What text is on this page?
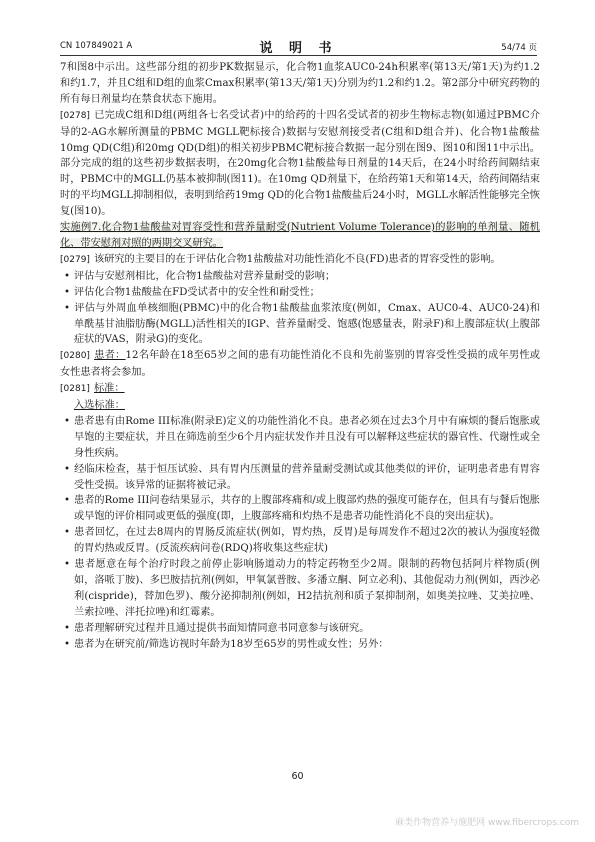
CN 107849021 A	说 明 书	54/74 页

7和图8中示出。这些部分组的初步PK数据显示，化合物1血浆AUC0-24h积累率(第13天/第1天)为约1.2和约1.7，并且C组和D组的血浆Cmax积累率(第13天/第1天)分别为约1.2和约1.2。第2部分中研究药物的所有每日剂量均在禁食状态下施用。

[0278] 已完成C组和D组(两组各七名受试者)中的给药的十四名受试者的初步生物标志物(如通过PBMC介导的2-AG水解所测量的PBMC MGLL靶标接合)数据与安慰剂接受者(C组和D组合并)、化合物1盐酸盐10mg QD(C组)和20mg QD(D组)的相关初步PBMC靶标接合数据一起分别在图9、图10和图11中示出。部分完成的组的这些初步数据表明，在20mg化合物1盐酸盐每日剂量的14天后，在24小时给药间隔结束时，PBMC中的MGLL仍基本被抑制(图11)。在10mg QD剂量下，在给药第1天和第14天，给药间隔结束时的平均MGLL抑制相似，表明到给药19mg QD的化合物1盐酸盐后24小时，MGLL水解活性能够完全恢复(图10)。

实施例7.化合物1盐酸盐对胃容受性和营养量耐受(Nutrient Volume Tolerance)的影响的单剂量、随机化、带安慰剂对照的两期交叉研究。

[0279] 该研究的主要目的在于评估化合物1盐酸盐对功能性消化不良(FD)患者的胃容受性的影响。

• 评估与安慰剂相比，化合物1盐酸盐对营养量耐受的影响；

• 评估化合物1盐酸盐在FD受试者中的安全性和耐受性；

• 评估与外周血单核细胞(PBMC)中的化合物1盐酸盐血浆浓度(例如，Cmax、AUC0-4、AUC0-24)和单酰基甘油脂肪酶(MGLL)活性相关的IGP、营养量耐受、饱感(饱感量表，附录F)和上腹部症状(上腹部症状的VAS，附录G)的变化。

[0280] 患者：12名年龄在18至65岁之间的患有功能性消化不良和先前鉴别的胃容受性受损的成年男性或女性患者将会参加。

[0281] 标准：

入选标准：

• 患者患有由Rome III标准(附录E)定义的功能性消化不良。患者必须在过去3个月中有麻烦的餐后饱胀或早饱的主要症状，并且在筛选前至少6个月内症状发作并且没有可以解释这些症状的器官性、代谢性或全身性疾病。

• 经临床检查，基于恒压试验、具有胃内压测量的营养量耐受测试或其他类似的评价，证明患者患有胃容受性受损。该异常的证据将被记录。

• 患者的Rome III问卷结果显示，共存的上腹部疼痛和/或上腹部灼热的强度可能存在，但具有与餐后饱胀或早饱的评价相同或更低的强度(即，上腹部疼痛和灼热不是患者功能性消化不良的突出症状)。

• 患者回忆，在过去8周内的胃肠反流症状(例如，胃灼热，反胃)是每周发作不超过2次的被认为强度轻微的胃灼热或反胃。(反流疾病问卷(RDQ)将收集这些症状)

• 患者愿意在每个治疗时段之前停止影响肠道动力的特定药物至少2周。限制的药物包括阿片样物质(例如，洛哌丁胺)、多巴胺拮抗剂(例如，甲氧氯普胺、多潘立酮、阿立必利)、其他促动力剂(例如，西沙必利(cispride)，替加色罗)、酸分泌抑制剂(例如，H2拮抗剂和质子泵抑制剂，如奥美拉唑、艾美拉唑、兰索拉唑、泮托拉唑)和红霉素。

• 患者理解研究过程并且通过提供书面知情同意书同意参与该研究。

• 患者为在研究前/筛选访视时年龄为18岁至65岁的男性或女性；另外：

60
麻类作物营养与施肥网 www.fibercrops.com
